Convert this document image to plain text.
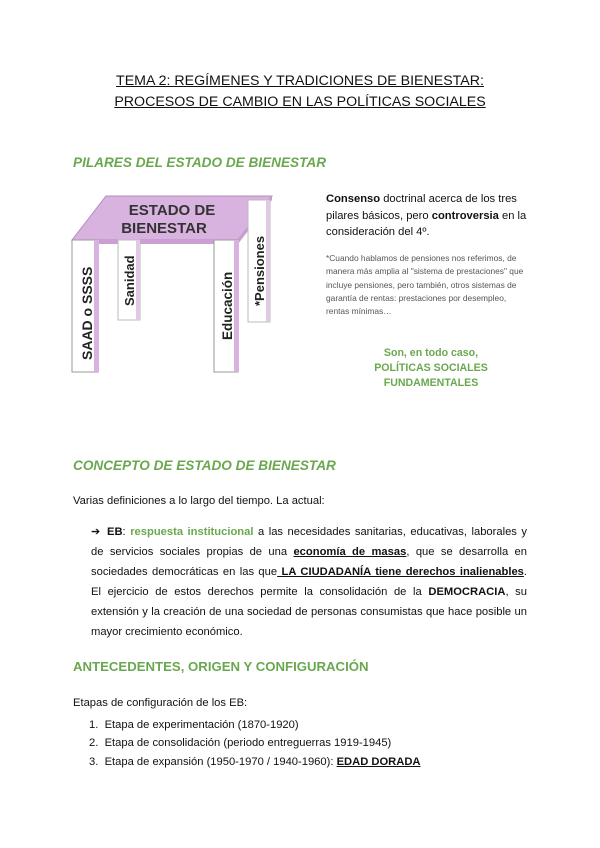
TEMA 2: REGÍMENES Y TRADICIONES DE BIENESTAR:
PROCESOS DE CAMBIO EN LAS POLÍTICAS SOCIALES
PILARES DEL ESTADO DE BIENESTAR
ESTADO DE
BIENESTAR
SAAD o SSSS Sanidad	Educación *Pensiones
Consenso doctrinal acerca de los tres pilares básicos, pero controversia en la consideración del 4º.
*Cuando hablamos de pensiones nos referimos, de manera más amplia al "sistema de prestaciones" que incluye pensiones, pero también, otros sistemas de garantía de rentas: prestaciones por desempleo, rentas mínimas…
Son, en todo caso,
POLÍTICAS SOCIALES
FUNDAMENTALES
CONCEPTO DE ESTADO DE BIENESTAR
Varias definiciones a lo largo del tiempo. La actual:
➔ EB: respuesta institucional a las necesidades sanitarias, educativas, laborales y de servicios sociales propias de una economía de masas, que se desarrolla en sociedades democráticas en las que LA CIUDADANÍA tiene derechos inalienables. El ejercicio de estos derechos permite la consolidación de la DEMOCRACIA, su extensión y la creación de una sociedad de personas consumistas que hace posible un mayor crecimiento económico.
ANTECEDENTES, ORIGEN Y CONFIGURACIÓN
Etapas de configuración de los EB:
1. Etapa de experimentación (1870-1920)
2. Etapa de consolidación (periodo entreguerras 1919-1945)
3. Etapa de expansión (1950-1970 / 1940-1960): EDAD DORADA
